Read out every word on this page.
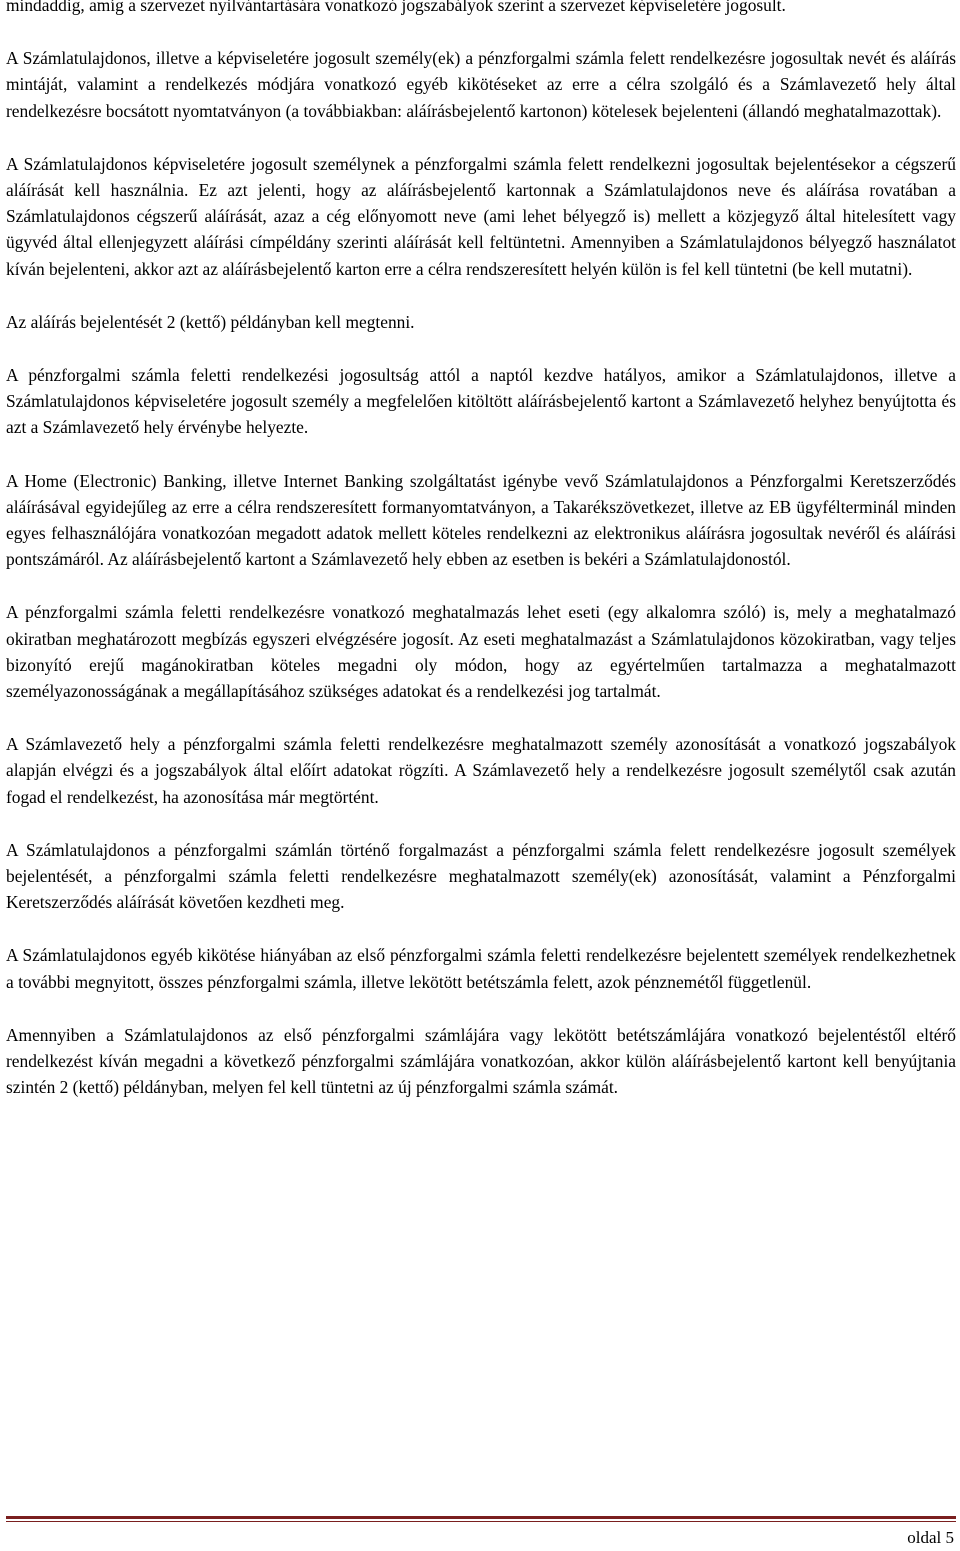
mindaddig, amíg a szervezet nyilvántartására vonatkozó jogszabályok szerint a szervezet képviseletére jogosult.

A Számlatulajdonos, illetve a képviseletére jogosult személy(ek) a pénzforgalmi számla felett rendelkezésre jogosultak nevét és aláírás mintáját, valamint a rendelkezés módjára vonatkozó egyéb kikötéseket az erre a célra szolgáló és a Számlavezető hely által rendelkezésre bocsátott nyomtatványon (a továbbiakban: aláírásbejelentő kartonon) kötelesek bejelenteni (állandó meghatalmazottak).

A Számlatulajdonos képviseletére jogosult személynek a pénzforgalmi számla felett rendelkezni jogosultak bejelentésekor a cégszerű aláírását kell használnia. Ez azt jelenti, hogy az aláírásbejelentő kartonnak a Számlatulajdonos neve és aláírása rovatában a Számlatulajdonos cégszerű aláírását, azaz a cég előnyomott neve (ami lehet bélyegző is) mellett a közjegyző által hitelesített vagy ügyvéd által ellenjegyzett aláírási címpéldány szerinti aláírását kell feltüntetni. Amennyiben a Számlatulajdonos bélyegző használatot kíván bejelenteni, akkor azt az aláírásbejelentő karton erre a célra rendszeresített helyén külön is fel kell tüntetni (be kell mutatni).

Az aláírás bejelentését 2 (kettő) példányban kell megtenni.

A pénzforgalmi számla feletti rendelkezési jogosultság attól a naptól kezdve hatályos, amikor a Számlatulajdonos, illetve a Számlatulajdonos képviseletére jogosult személy a megfelelően kitöltött aláírásbejelentő kartont a Számlavezető helyhez benyújtotta és azt a Számlavezető hely érvénybe helyezte.

A Home (Electronic) Banking, illetve Internet Banking szolgáltatást igénybe vevő Számlatulajdonos a Pénzforgalmi Keretszerződés aláírásával egyidejűleg az erre a célra rendszeresített formanyomtatványon, a Takarékszövetkezet, illetve az EB ügyfélterminál minden egyes felhasználójára vonatkozóan megadott adatok mellett köteles rendelkezni az elektronikus aláírásra jogosultak nevéről és aláírási pontszámáról. Az aláírásbejelentő kartont a Számlavezető hely ebben az esetben is bekéri a Számlatulajdonostól.

A pénzforgalmi számla feletti rendelkezésre vonatkozó meghatalmazás lehet eseti (egy alkalomra szóló) is, mely a meghatalmazó okiratban meghatározott megbízás egyszeri elvégzésére jogosít. Az eseti meghatalmazást a Számlatulajdonos közokiratban, vagy teljes bizonyító erejű magánokiratban köteles megadni oly módon, hogy az egyértelműen tartalmazza a meghatalmazott személyazonosságának a megállapításához szükséges adatokat és a rendelkezési jog tartalmát.

A Számlavezető hely a pénzforgalmi számla feletti rendelkezésre meghatalmazott személy azonosítását a vonatkozó jogszabályok alapján elvégzi és a jogszabályok által előírt adatokat rögzíti. A Számlavezető hely a rendelkezésre jogosult személytől csak azután fogad el rendelkezést, ha azonosítása már megtörtént.

A Számlatulajdonos a pénzforgalmi számlán történő forgalmazást a pénzforgalmi számla felett rendelkezésre jogosult személyek bejelentését, a pénzforgalmi számla feletti rendelkezésre meghatalmazott személy(ek) azonosítását, valamint a Pénzforgalmi Keretszerződés aláírását követően kezdheti meg.

A Számlatulajdonos egyéb kikötése hiányában az első pénzforgalmi számla feletti rendelkezésre bejelentett személyek rendelkezhetnek a további megnyitott, összes pénzforgalmi számla, illetve lekötött betétszámla felett, azok pénznemétől függetlenül.

Amennyiben a Számlatulajdonos az első pénzforgalmi számlájára vagy lekötött betétszámlájára vonatkozó bejelentéstől eltérő rendelkezést kíván megadni a következő pénzforgalmi számlájára vonatkozóan, akkor külön aláírásbejelentő kartont kell benyújtania szintén 2 (kettő) példányban, melyen fel kell tüntetni az új pénzforgalmi számla számát.

oldal 5
